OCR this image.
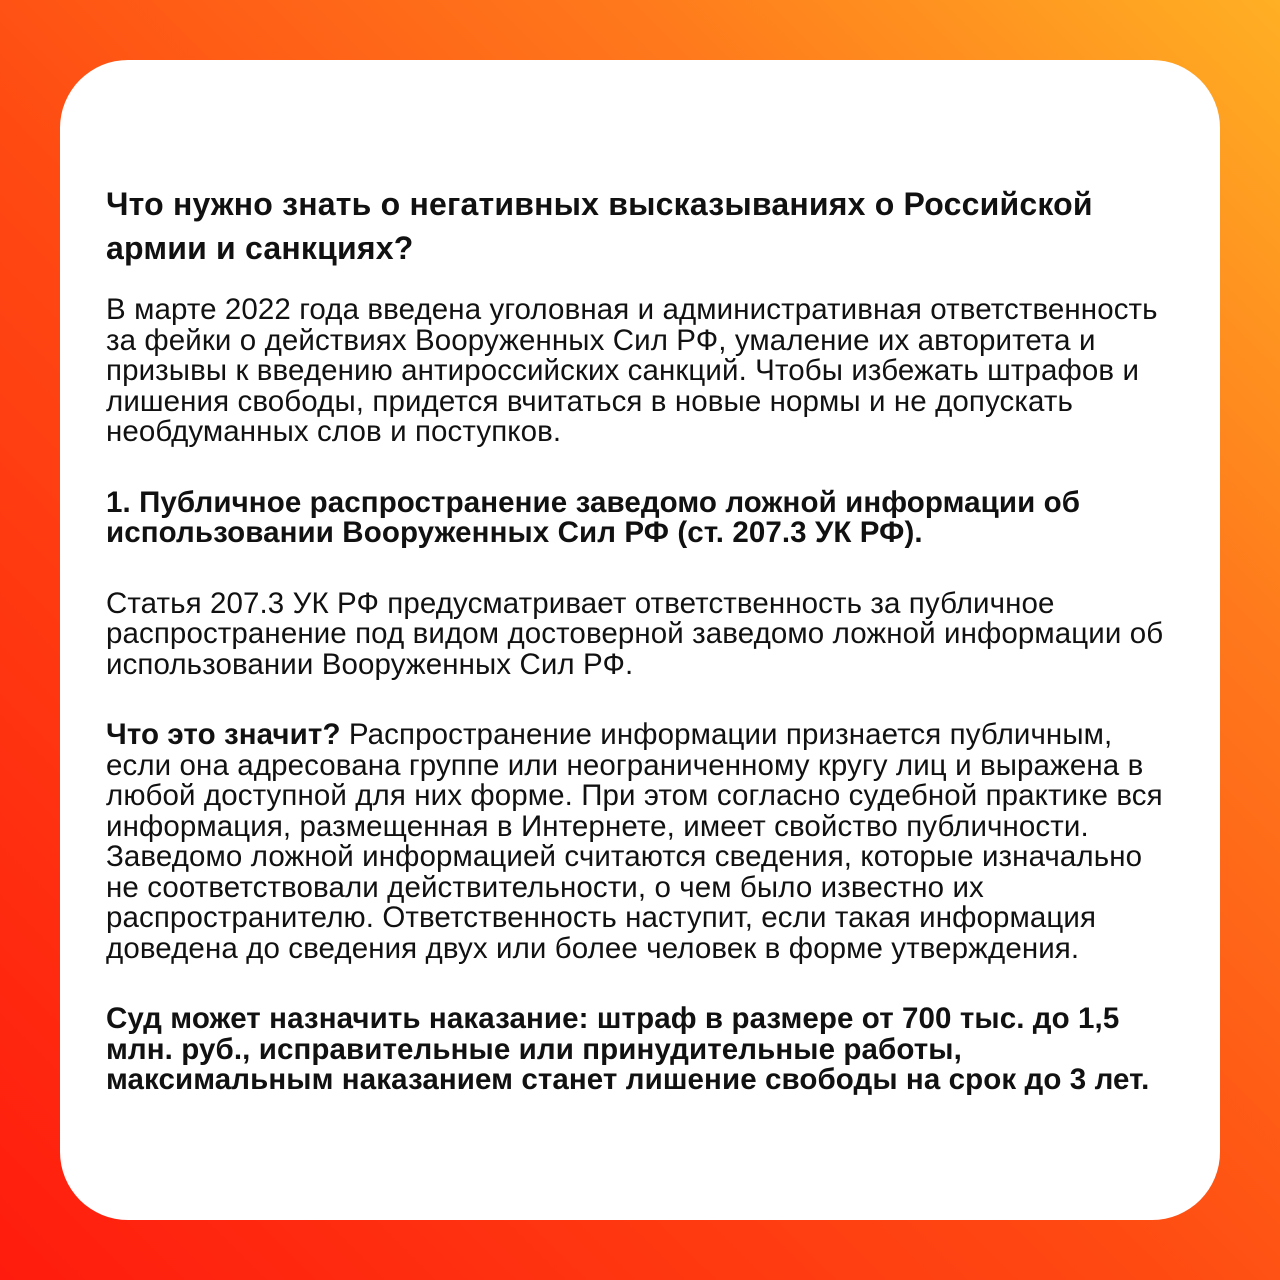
Что нужно знать о негативных высказываниях о Российской армии и санкциях?

В марте 2022 года введена уголовная и административная ответственность за фейки о действиях Вооруженных Сил РФ, умаление их авторитета и призывы к введению антироссийских санкций. Чтобы избежать штрафов и лишения свободы, придется вчитаться в новые нормы и не допускать необдуманных слов и поступков.

1. Публичное распространение заведомо ложной информации об использовании Вооруженных Сил РФ (ст. 207.3 УК РФ).

Статья 207.3 УК РФ предусматривает ответственность за публичное распространение под видом достоверной заведомо ложной информации об использовании Вооруженных Сил РФ.

Что это значит? Распространение информации признается публичным, если она адресована группе или неограниченному кругу лиц и выражена в любой доступной для них форме. При этом согласно судебной практике вся информация, размещенная в Интернете, имеет свойство публичности. Заведомо ложной информацией считаются сведения, которые изначально не соответствовали действительности, о чем было известно их распространителю. Ответственность наступит, если такая информация доведена до сведения двух или более человек в форме утверждения.

Суд может назначить наказание: штраф в размере от 700 тыс. до 1,5 млн. руб., исправительные или принудительные работы, максимальным наказанием станет лишение свободы на срок до 3 лет.
